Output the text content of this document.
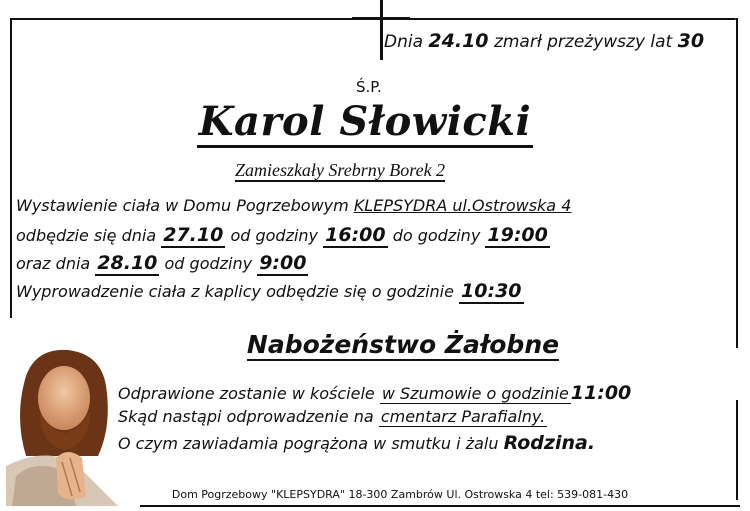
Dnia 24.10 zmarł przeżywszy lat 30
Ś.P.
Karol Słowicki
Zamieszkały Srebrny Borek 2
Wystawienie ciała w Domu Pogrzebowym KLEPSYDRA ul.Ostrowska 4
odbędzie się dnia 27.10 od godziny 16:00 do godziny 19:00
oraz dnia 28.10 od godziny 9:00
Wyprowadzenie ciała z kaplicy odbędzie się o godzinie 10:30
Nabożeństwo Żałobne
Odprawione zostanie w kościele w Szumowie o godzinie 11:00
Skąd nastąpi odprowadzenie na cmentarz Parafialny.
O czym zawiadamia pogrążona w smutku i żalu Rodzina.
Dom Pogrzebowy "KLEPSYDRA" 18-300 Zambrów Ul. Ostrowska 4 tel: 539-081-430
